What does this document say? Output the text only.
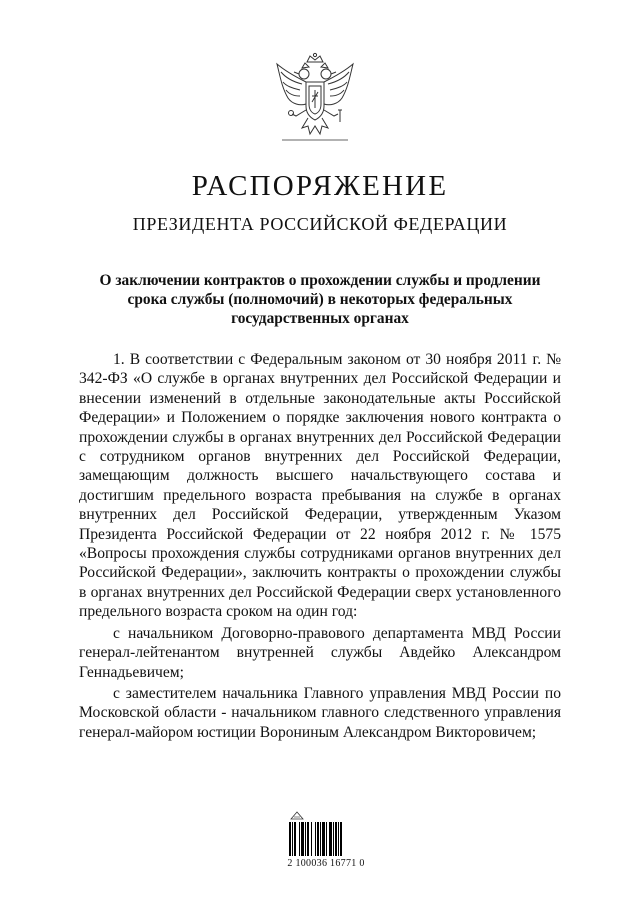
РАСПОРЯЖЕНИЕ
ПРЕЗИДЕНТА РОССИЙСКОЙ ФЕДЕРАЦИИ

О заключении контрактов о прохождении службы и продлении срока службы (полномочий) в некоторых федеральных государственных органах

1. В соответствии с Федеральным законом от 30 ноября 2011 г. № 342-ФЗ «О службе в органах внутренних дел Российской Федерации и внесении изменений в отдельные законодательные акты Российской Федерации» и Положением о порядке заключения нового контракта о прохождении службы в органах внутренних дел Российской Федерации с сотрудником органов внутренних дел Российской Федерации, замещающим должность высшего начальствующего состава и достигшим предельного возраста пребывания на службе в органах внутренних дел Российской Федерации, утвержденным Указом Президента Российской Федерации от 22 ноября 2012 г. № 1575 «Вопросы прохождения службы сотрудниками органов внутренних дел Российской Федерации», заключить контракты о прохождении службы в органах внутренних дел Российской Федерации сверх установленного предельного возраста сроком на один год:

с начальником Договорно-правового департамента МВД России генерал-лейтенантом внутренней службы Авдейко Александром Геннадьевичем;

с заместителем начальника Главного управления МВД России по Московской области - начальником главного следственного управления генерал-майором юстиции Ворониным Александром Викторовичем;

2 100036 16771 0
